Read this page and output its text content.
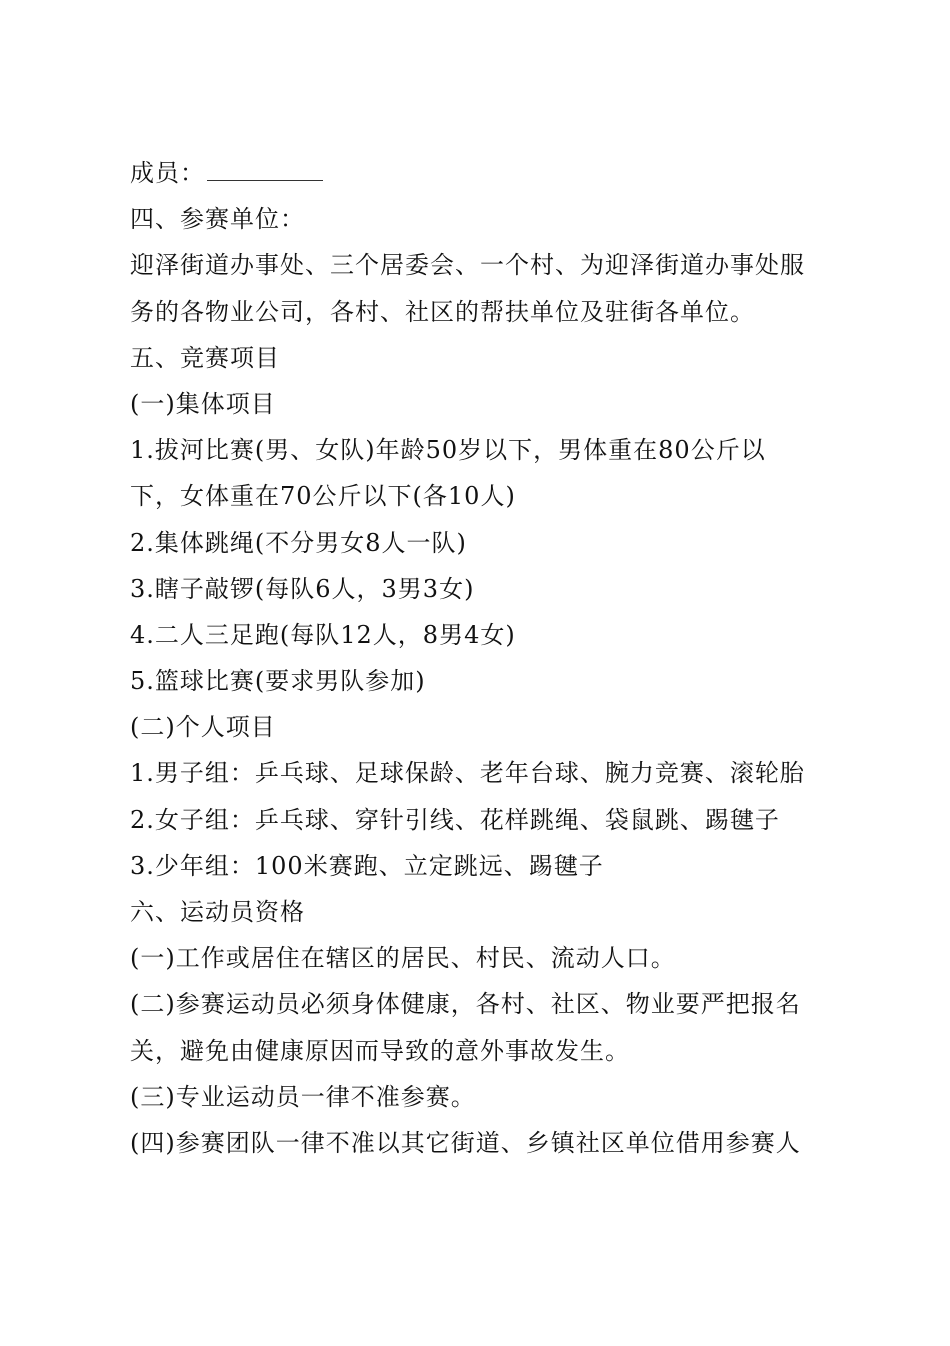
成员：
四、参赛单位：
迎泽街道办事处、三个居委会、一个村、为迎泽街道办事处服
务的各物业公司，各村、社区的帮扶单位及驻街各单位。
五、竞赛项目
(一)集体项目
1.拔河比赛(男、女队)年龄50岁以下，男体重在80公斤以
下，女体重在70公斤以下(各10人)
2.集体跳绳(不分男女8人一队)
3.瞎子敲锣(每队6人，3男3女)
4.二人三足跑(每队12人，8男4女)
5.篮球比赛(要求男队参加)
(二)个人项目
1.男子组：乒乓球、足球保龄、老年台球、腕力竞赛、滚轮胎
2.女子组：乒乓球、穿针引线、花样跳绳、袋鼠跳、踢毽子
3.少年组：100米赛跑、立定跳远、踢毽子
六、运动员资格
(一)工作或居住在辖区的居民、村民、流动人口。
(二)参赛运动员必须身体健康，各村、社区、物业要严把报名
关，避免由健康原因而导致的意外事故发生。
(三)专业运动员一律不准参赛。
(四)参赛团队一律不准以其它街道、乡镇社区单位借用参赛人
